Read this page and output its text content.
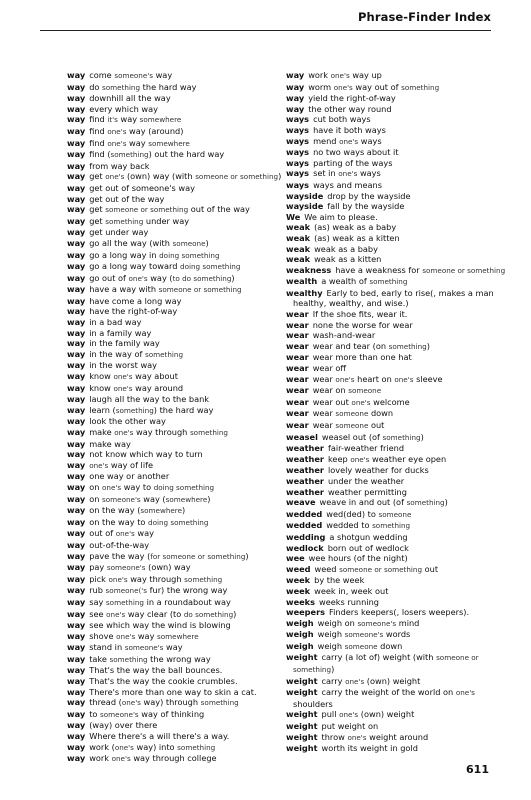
Phrase-Finder Index
way come someone's way
way do something the hard way
way downhill all the way
way every which way
way find it's way somewhere
way find one's way (around)
way find one's way somewhere
way find (something) out the hard way
way from way back
way get one's (own) way (with someone or something)
way get out of someone's way
way get out of the way
way get someone or something out of the way
way get something under way
way get under way
way go all the way (with someone)
way go a long way in doing something
way go a long way toward doing something
way go out of one's way (to do something)
way have a way with someone or something
way have come a long way
way have the right-of-way
way in a bad way
way in a family way
way in the family way
way in the way of something
way in the worst way
way know one's way about
way know one's way around
way laugh all the way to the bank
way learn (something) the hard way
way look the other way
way make one's way through something
way make way
way not know which way to turn
way one's way of life
way one way or another
way on one's way to doing something
way on someone's way (somewhere)
way on the way (somewhere)
way on the way to doing something
way out of one's way
way out-of-the-way
way pave the way (for someone or something)
way pay someone's (own) way
way pick one's way through something
way rub someone('s fur) the wrong way
way say something in a roundabout way
way see one's way clear (to do something)
way see which way the wind is blowing
way shove one's way somewhere
way stand in someone's way
way take something the wrong way
way That's the way the ball bounces.
way That's the way the cookie crumbles.
way There's more than one way to skin a cat.
way thread (one's way) through something
way to someone's way of thinking
way (way) over there
way Where there's a will there's a way.
way work (one's way) into something
way work one's way through college
way work one's way up
way worm one's way out of something
way yield the right-of-way
way the other way round
ways cut both ways
ways have it both ways
ways mend one's ways
ways no two ways about it
ways parting of the ways
ways set in one's ways
ways ways and means
wayside drop by the wayside
wayside fall by the wayside
We We aim to please.
weak (as) weak as a baby
weak (as) weak as a kitten
weak weak as a baby
weak weak as a kitten
weakness have a weakness for someone or something
wealth a wealth of something
wealthy Early to bed, early to rise(, makes a man
healthy, wealthy, and wise.)
wear If the shoe fits, wear it.
wear none the worse for wear
wear wash-and-wear
wear wear and tear (on something)
wear wear more than one hat
wear wear off
wear wear one's heart on one's sleeve
wear wear on someone
wear wear out one's welcome
wear wear someone down
wear wear someone out
weasel weasel out (of something)
weather fair-weather friend
weather keep one's weather eye open
weather lovely weather for ducks
weather under the weather
weather weather permitting
weave weave in and out (of something)
wedded wed(ded) to someone
wedded wedded to something
wedding a shotgun wedding
wedlock born out of wedlock
wee wee hours (of the night)
weed weed someone or something out
week by the week
week week in, week out
weeks weeks running
weepers Finders keepers(, losers weepers).
weigh weigh on someone's mind
weigh weigh someone's words
weigh weigh someone down
weight carry (a lot of) weight (with someone or
something)
weight carry one's (own) weight
weight carry the weight of the world on one's
shoulders
weight pull one's (own) weight
weight put weight on
weight throw one's weight around
weight worth its weight in gold
611
